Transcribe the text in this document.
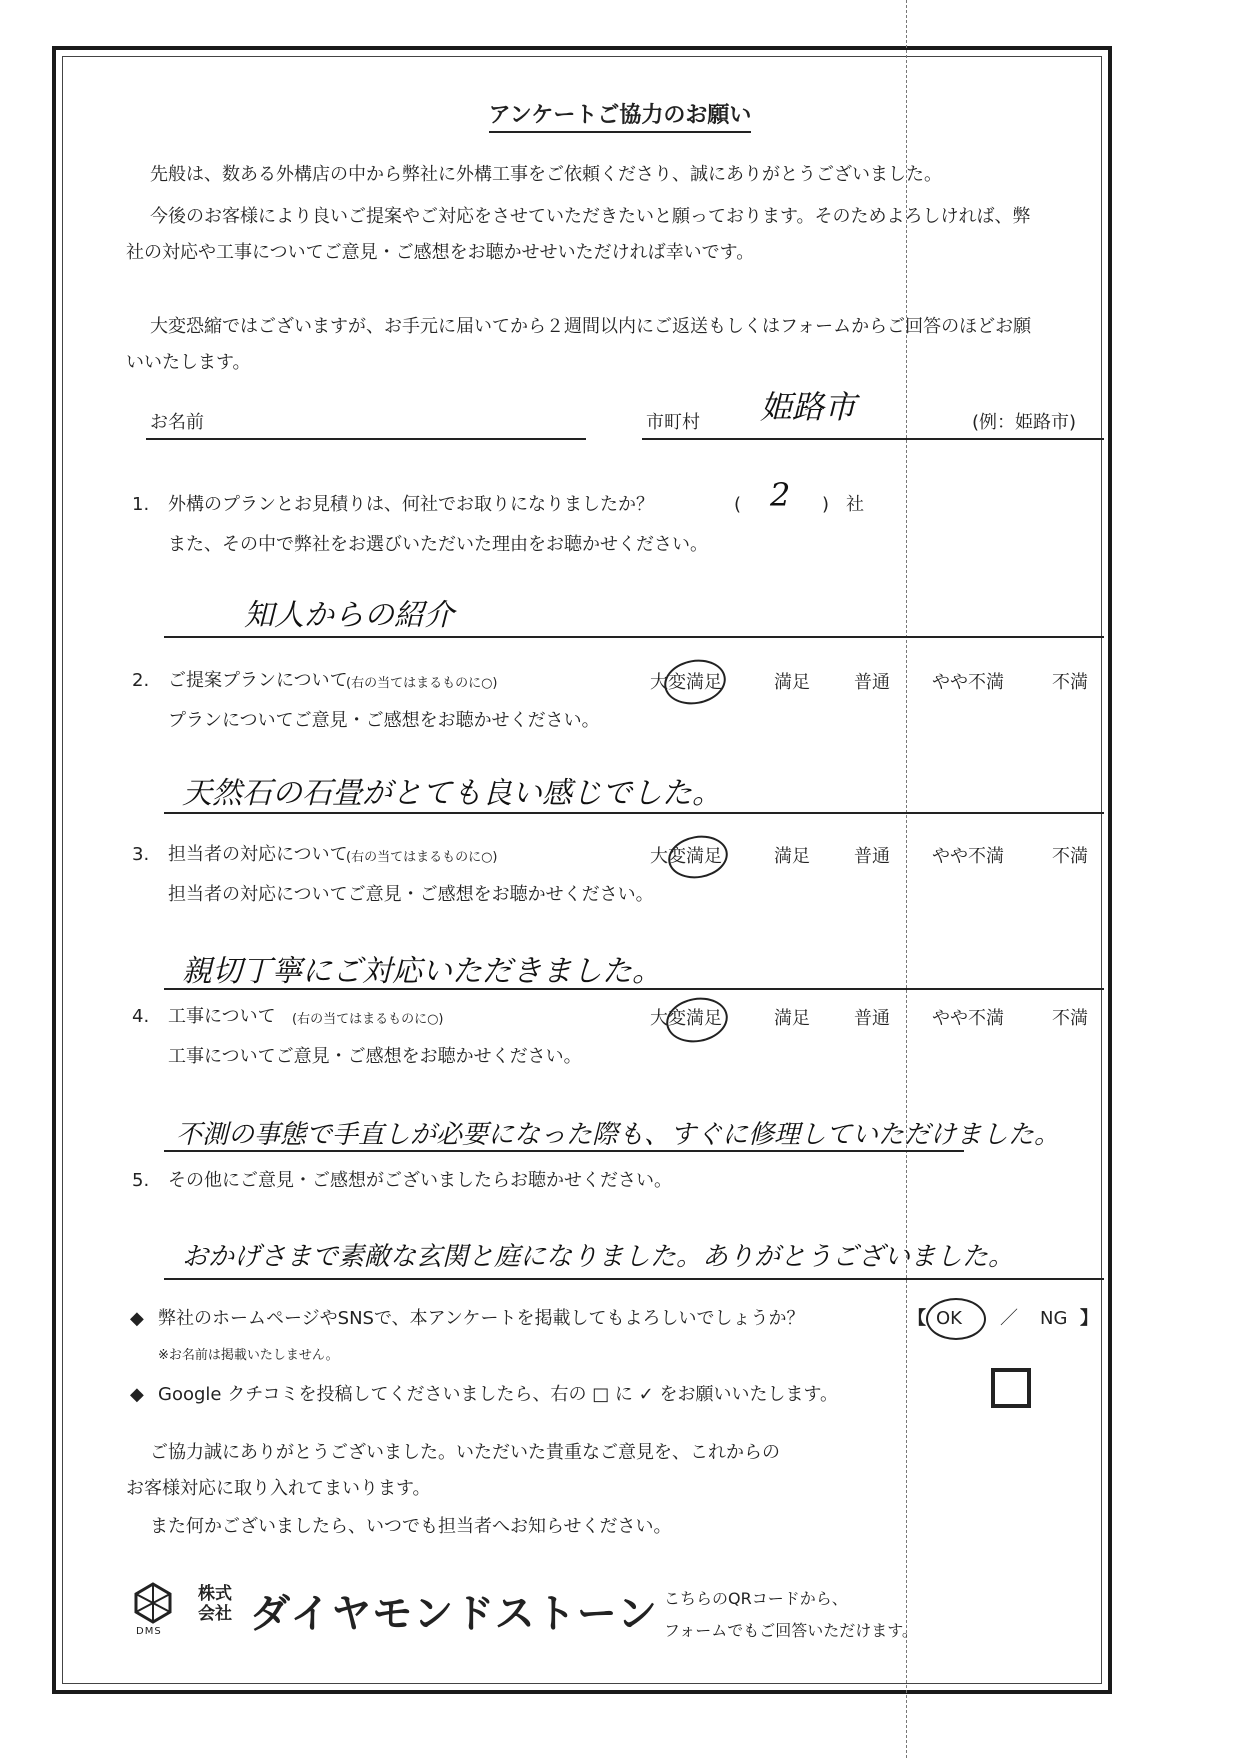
アンケートご協力のお願い
先般は、数ある外構店の中から弊社に外構工事をご依頼くださり、誠にありがとうございました。
今後のお客様により良いご提案やご対応をさせていただきたいと願っております。そのためよろしければ、弊
社の対応や工事についてご意見・ご感想をお聴かせせいただければ幸いです。
大変恐縮ではございますが、お手元に届いてから２週間以内にご返送もしくはフォームからご回答のほどお願
いいたします。
お名前	市町村 姫路市	(例：姫路市)
1. 外構のプランとお見積りは、何社でお取りになりましたか？	( 2 ) 社
また、その中で弊社をお選びいただいた理由をお聴かせください。
知人からの紹介
2. ご提案プランについて
(右の当てはまるものに○)	大変満足	満足 普通 やや不満	不満
プランについてご意見・ご感想をお聴かせください。
天然石の石畳がとても良い感じでした。
3. 担当者の対応について
(右の当てはまるものに○)	大変満足	満足 普通 やや不満	不満
担当者の対応についてご意見・ご感想をお聴かせください。
親切丁寧にご対応いただきました。
4. 工事について (右の当てはまるものに○)	大変満足	満足 普通 やや不満	不満
工事についてご意見・ご感想をお聴かせください。
不測の事態で手直しが必要になった際も、すぐに修理していただけました。
5. その他にご意見・ご感想がございましたらお聴かせください。
おかげさまで素敵な玄関と庭になりました。ありがとうございました。
◆ 弊社のホームページやSNSで、本アンケートを掲載してもよろしいでしょうか？	【 OK ／ NG 】
※お名前は掲載いたしません。
◆ Google クチコミを投稿してくださいましたら、右の □ に ✓ をお願いいたします。
ご協力誠にありがとうございました。いただいた貴重なご意見を、これからの
お客様対応に取り入れてまいります。
また何かございましたら、いつでも担当者へお知らせください。
DMS
株式
会社 ダイヤモンドストーン こちらのQRコードから、
フォームでもご回答いただけます。
